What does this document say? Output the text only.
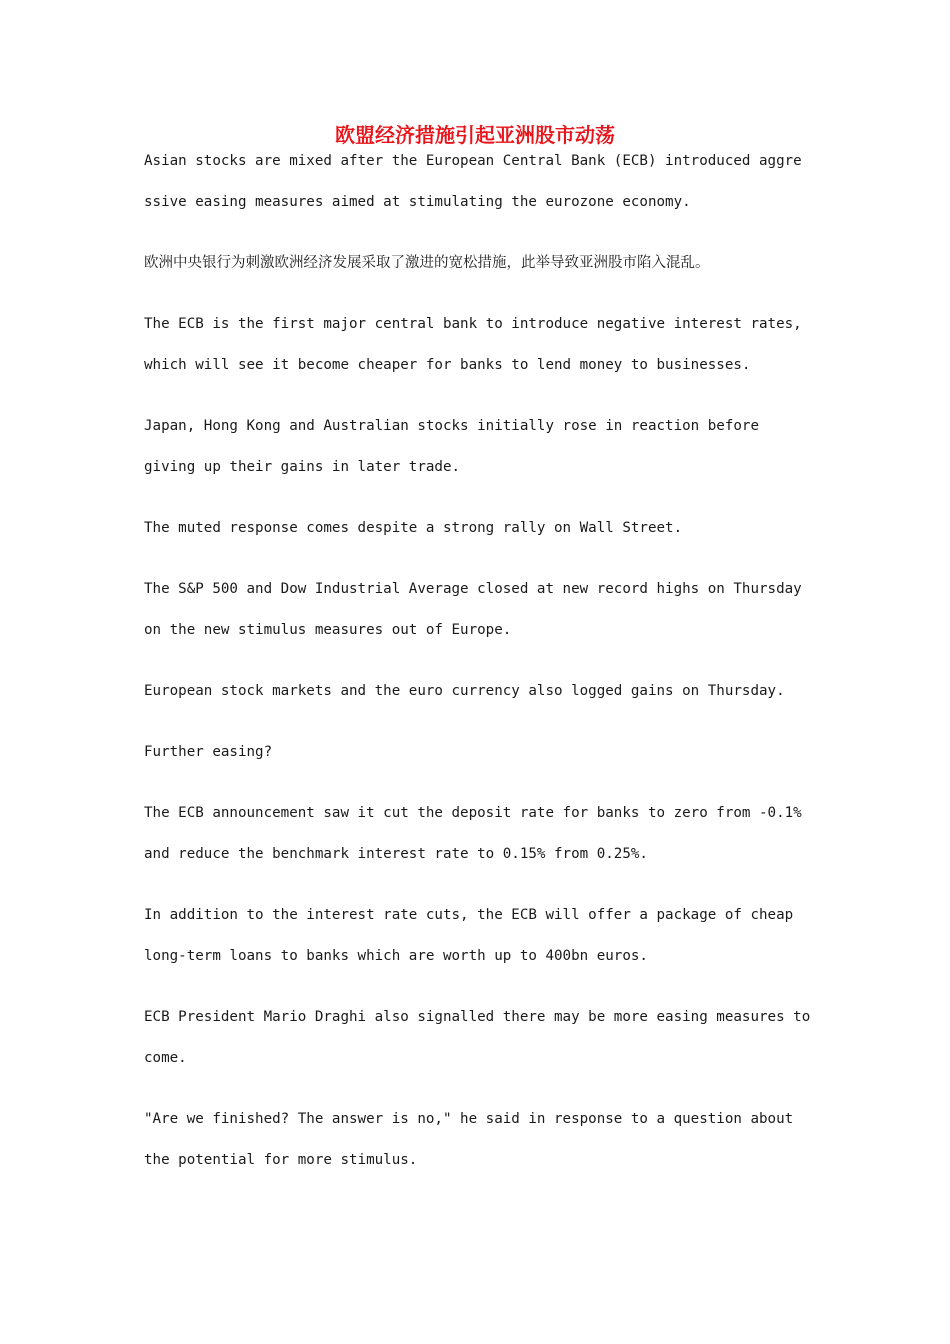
欧盟经济措施引起亚洲股市动荡

Asian stocks are mixed after the European Central Bank (ECB) introduced aggre

ssive easing measures aimed at stimulating the eurozone economy.

欧洲中央银行为刺激欧洲经济发展采取了激进的宽松措施，此举导致亚洲股市陷入混乱。

The ECB is the first major central bank to introduce negative interest rates,

which will see it become cheaper for banks to lend money to businesses.

Japan, Hong Kong and Australian stocks initially rose in reaction before

giving up their gains in later trade.

The muted response comes despite a strong rally on Wall Street.

The S&P 500 and Dow Industrial Average closed at new record highs on Thursday

on the new stimulus measures out of Europe.

European stock markets and the euro currency also logged gains on Thursday.

Further easing?

The ECB announcement saw it cut the deposit rate for banks to zero from -0.1%

and reduce the benchmark interest rate to 0.15% from 0.25%.

In addition to the interest rate cuts, the ECB will offer a package of cheap

long-term loans to banks which are worth up to 400bn euros.

ECB President Mario Draghi also signalled there may be more easing measures to

come.

"Are we finished? The answer is no," he said in response to a question about

the potential for more stimulus.
